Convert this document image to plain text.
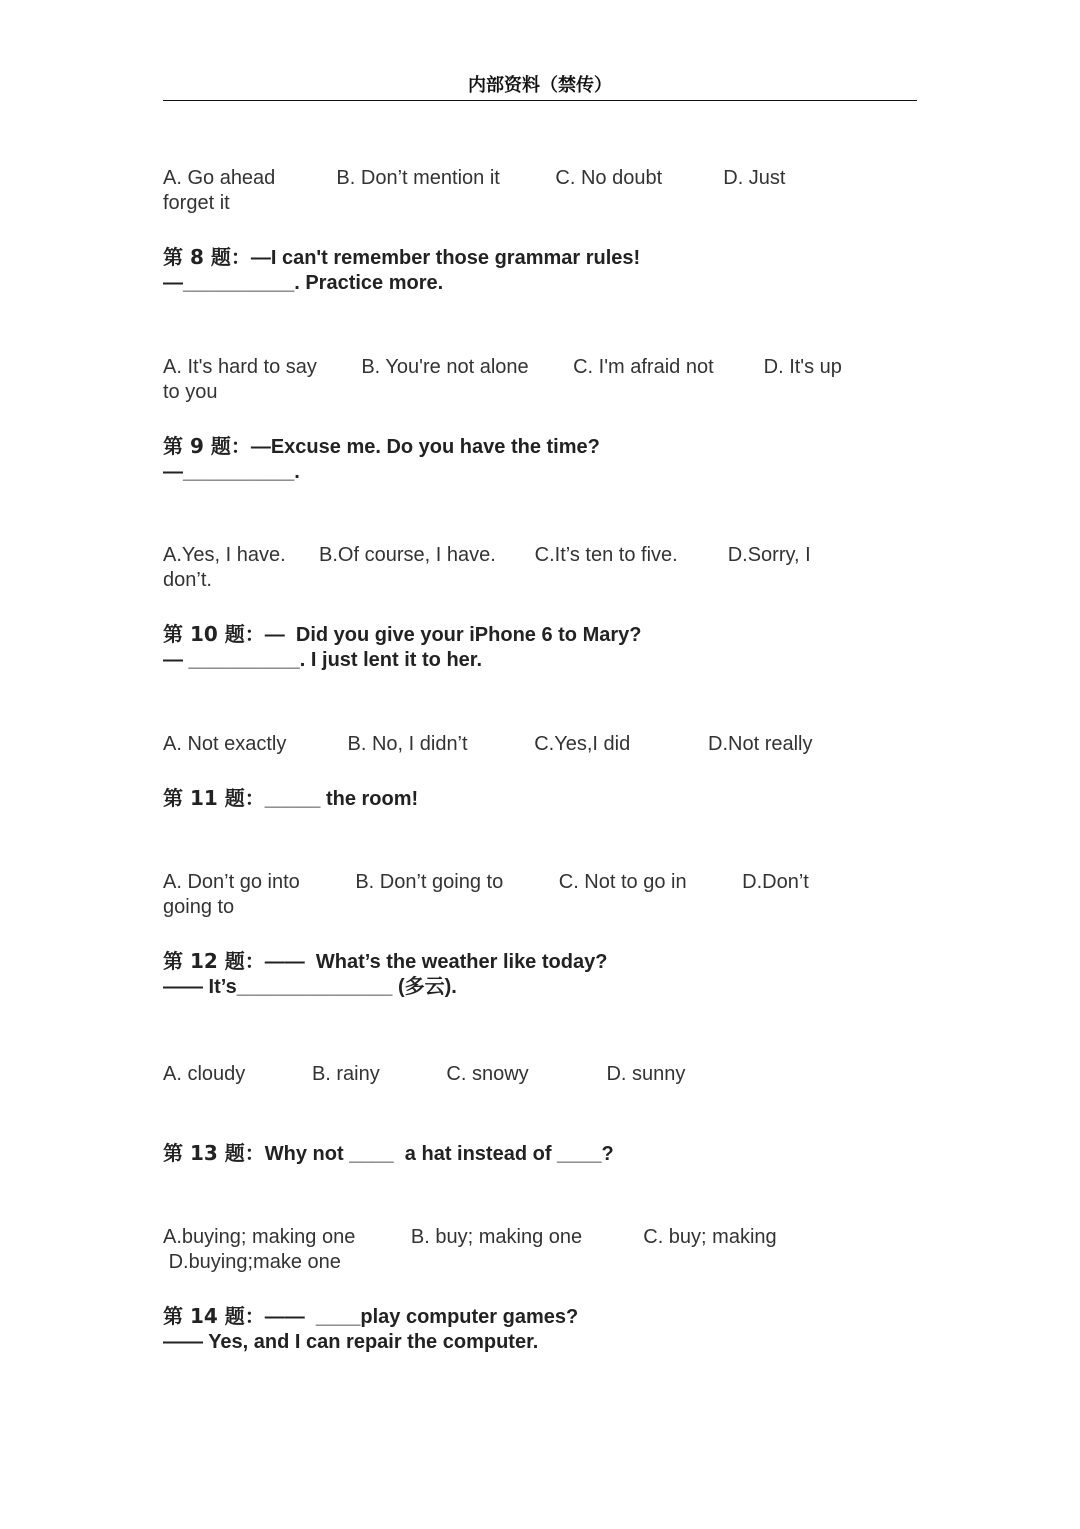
内部资料（禁传）
A. Go ahead           B. Don’t mention it          C. No doubt           D. Just
forget it
第 8 题：—I can't remember those grammar rules!
—__________. Practice more.
A. It's hard to say        B. You're not alone        C. I'm afraid not         D. It's up
to you
第 9 题：—Excuse me. Do you have the time?
—__________.
A.Yes, I have.      B.Of course, I have.       C.It’s ten to five.         D.Sorry, I
don’t.
第 10 题：—  Did you give your iPhone 6 to Mary?
— __________. I just lent it to her.
A. Not exactly           B. No, I didn’t            C.Yes,I did              D.Not really
第 11 题：_____ the room!
A. Don’t go into          B. Don’t going to          C. Not to go in          D.Don’t
going to
第 12 题：——  What’s the weather like today?
—— It’s______________ (多云).
A. cloudy            B. rainy            C. snowy              D. sunny
第 13 题：Why not ____  a hat instead of ____?
A.buying; making one          B. buy; making one           C. buy; making
D.buying;make one
第 14 题：——  ____play computer games?
—— Yes, and I can repair the computer.
